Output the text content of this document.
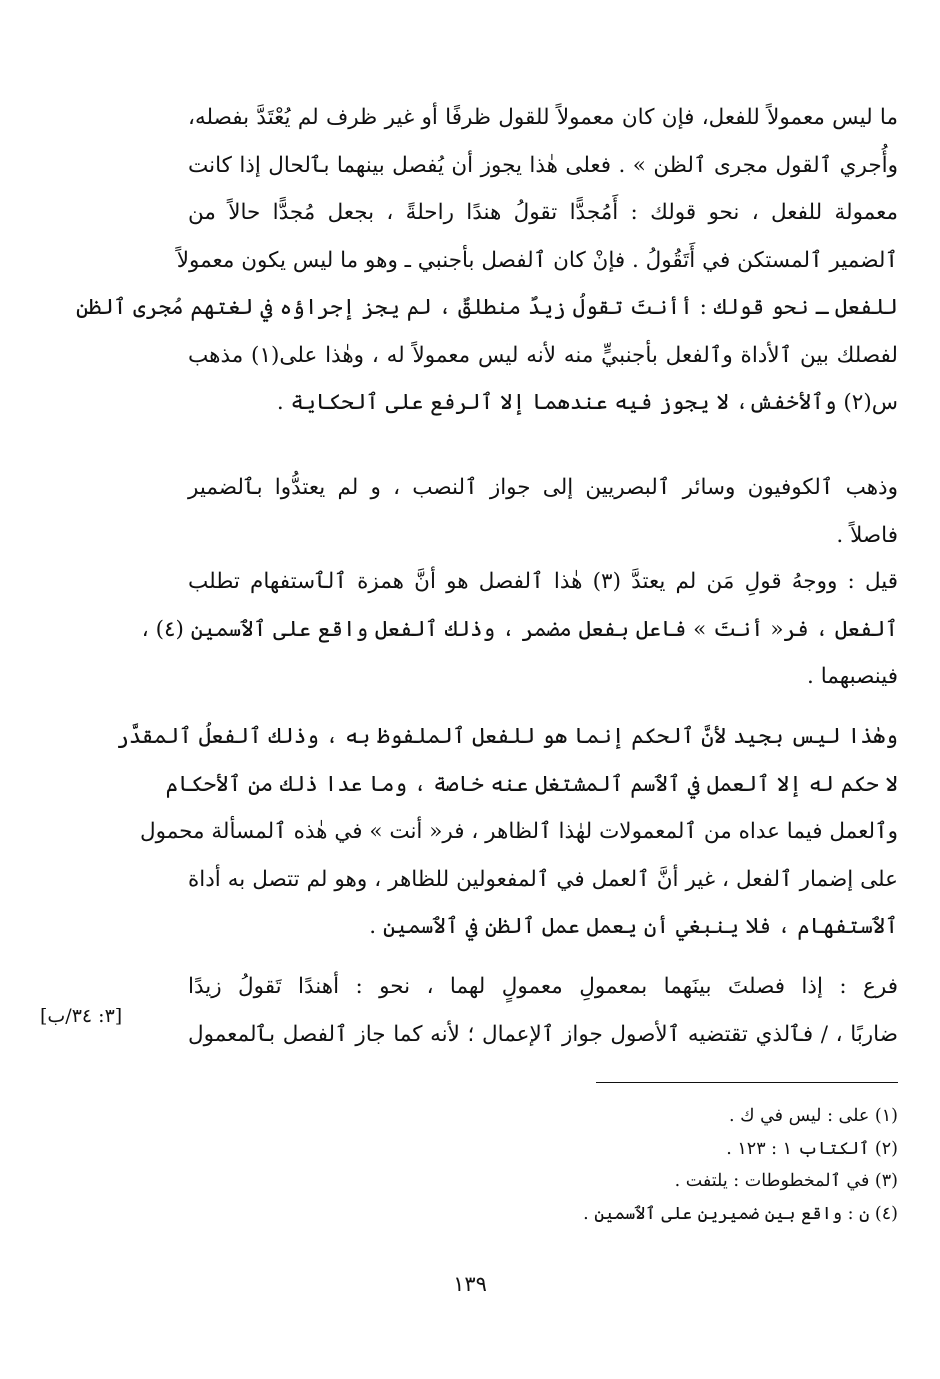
ما ليس معمولاً للفعل، فإن كان معمولاً للقول ظرفًا أو غير ظرف لم يُعْتَدَّ بفصله،
وأُجري ٱلقول مجرى ٱلظن » . فعلى هٰذا يجوز أن يُفصل بينهما بٱلحال إذا كانت
معمولة للفعل ، نحو قولك : أَمُجدًّا تقولُ هندًا راحلةً ، بجعل مُجدًّا حالاً من
ٱلضمير ٱلمستكن في أَتَقُولُ . فإنْ كان ٱلفصل بأجنبي ـ وهو ما ليس يكون معمولاً
للفعل ـ نحو قولك : أأنتَ تقولُ زيدٌ منطلقٌ ، لم يجز إجراؤه في لغتهم مُجرى ٱلظن
لفصلك بين ٱلأداة وٱلفعل بأجنبيٍّ منه لأنه ليس معمولاً له ، وهٰذا على(١) مذهب
س(٢) وٱلأخفش، لا يجوز فيه عندهما إلا ٱلرفع على ٱلحكاية .
وذهب ٱلكوفيون وسائر ٱلبصريين إلى جواز ٱلنصب ، و لم يعتدُّوا بٱلضمير
فاصلاً .
قيل : ووجهُ قولِ مَن لم يعتدَّ (٣) هٰذا ٱلفصل هو أنَّ همزة ٱلٱستفهام تطلب
ٱلفعل ، فر« أنتَ » فاعل بفعل مضمر ، وذٰلك ٱلفعل واقع على ٱلٱسمين (٤) ،
فينصبهما .
وهٰذا ليس بجيد لأنَّ ٱلحكم إنما هو للفعل ٱلملفوظ به ، وذٰلك ٱلفعلُ ٱلمقدَّر
لا حكم له إلا ٱلعمل في ٱلٱسم ٱلمشتغل عنه خاصة ، وما عدا ذٰلك من ٱلأحكام
وٱلعمل فيما عداه من ٱلمعمولات لهٰذا ٱلظاهر ، فر« أنت » في هٰذه ٱلمسألة محمول
على إضمار ٱلفعل ، غير أنَّ ٱلعمل في ٱلمفعولين للظاهر ، وهو لم تتصل به أداة
ٱلٱستفهام ، فلا ينبغي أن يعمل عمل ٱلظن في ٱلٱسمين .
فرع : إذا فصلتَ بينَهما بمعمولِ معمولٍ لهما ، نحو : أهندًا تَقولُ زيدًا
ضاربًا ، / فٱلذي تقتضيه ٱلأصول جواز ٱلإعمال ؛ لأنه كما جاز ٱلفصل بٱلمعمول
[٣: ٣٤/ب]
(١) على : ليس في ك .
(٢) ٱلكتاب ١ : ١٢٣ .
(٣) في ٱلمخطوطات : يلتفت .
(٤) ن : واقع بين ضميرين على ٱلٱسمين .
١٣٩
